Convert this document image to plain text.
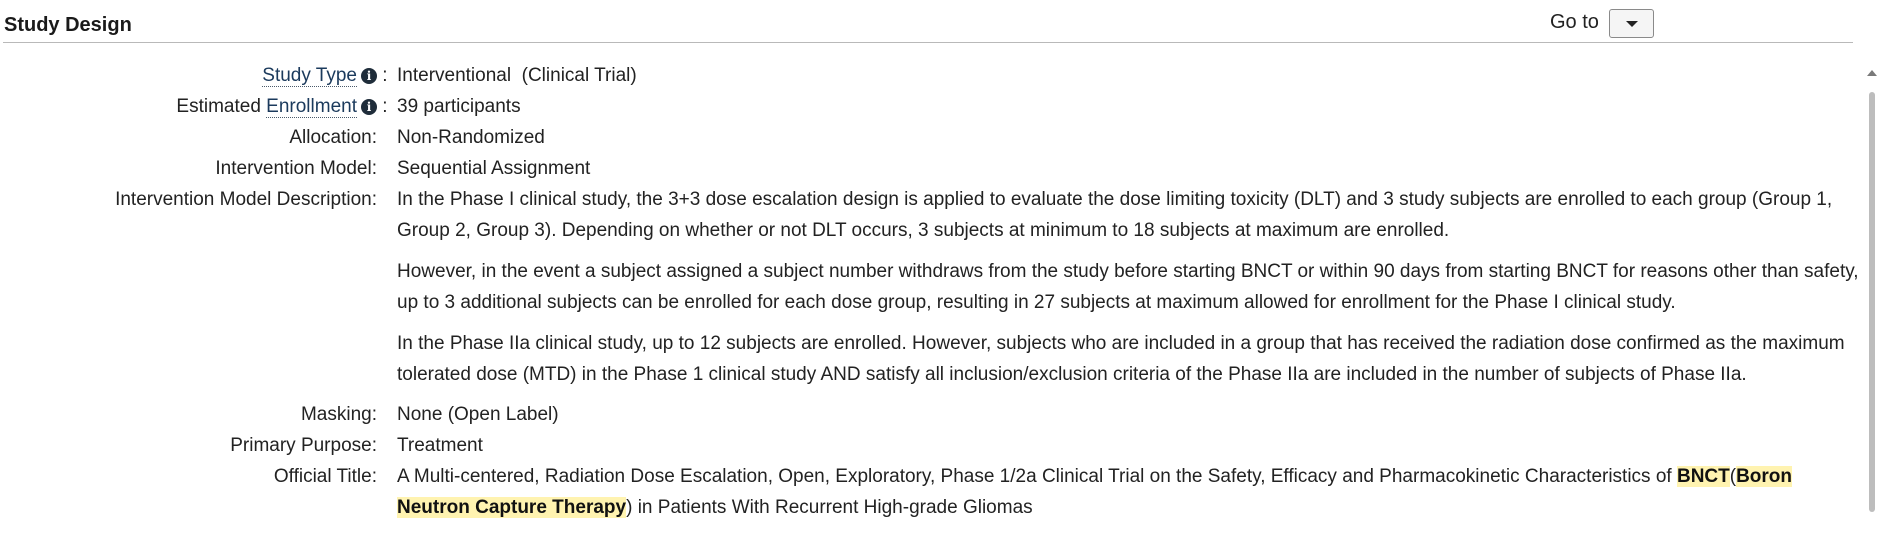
Study Design	Go to
Study Type i : Interventional  (Clinical Trial)
Estimated Enrollment i : 39 participants
Allocation: Non-Randomized
Intervention Model: Sequential Assignment
Intervention Model Description: In the Phase I clinical study, the 3+3 dose escalation design is applied to evaluate the dose limiting toxicity (DLT) and 3 study subjects are enrolled to each group (Group 1, Group 2, Group 3). Depending on whether or not DLT occurs, 3 subjects at minimum to 18 subjects at maximum are enrolled.

However, in the event a subject assigned a subject number withdraws from the study before starting BNCT or within 90 days from starting BNCT for reasons other than safety, up to 3 additional subjects can be enrolled for each dose group, resulting in 27 subjects at maximum allowed for enrollment for the Phase I clinical study.

In the Phase IIa clinical study, up to 12 subjects are enrolled. However, subjects who are included in a group that has received the radiation dose confirmed as the maximum tolerated dose (MTD) in the Phase 1 clinical study AND satisfy all inclusion/exclusion criteria of the Phase IIa are included in the number of subjects of Phase IIa.

Masking: None (Open Label)
Primary Purpose: Treatment
Official Title: A Multi-centered, Radiation Dose Escalation, Open, Exploratory, Phase 1/2a Clinical Trial on the Safety, Efficacy and Pharmacokinetic Characteristics of BNCT(Boron Neutron Capture Therapy) in Patients With Recurrent High-grade Gliomas
